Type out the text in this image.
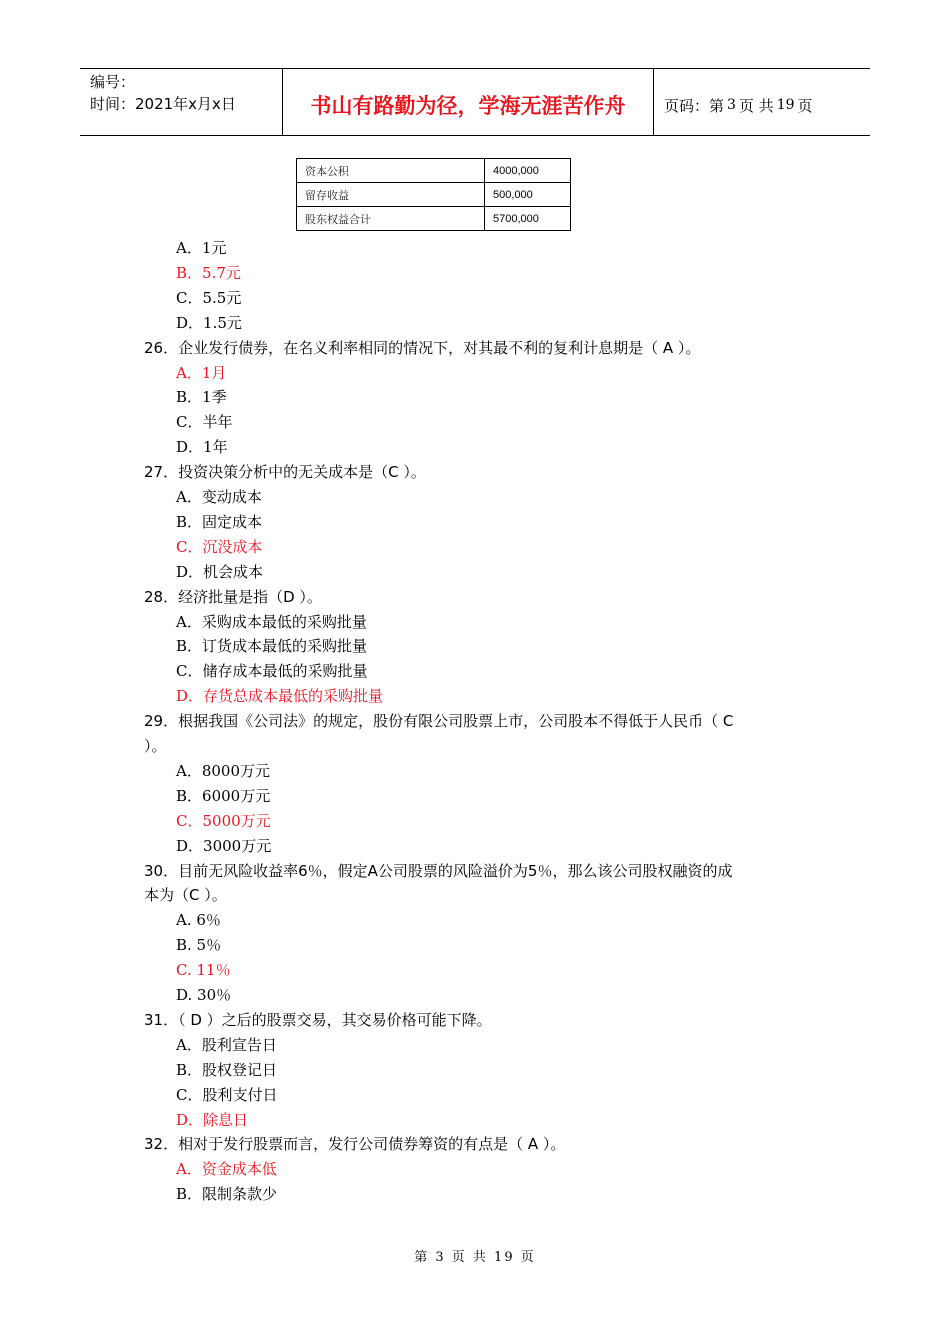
编号：
时间：2021年x月x日	书山有路勤为径，学海无涯苦作舟	页码：第 3 页 共 19 页
资本公积	4000,000
留存收益	500,000
股东权益合计	5700,000
A．1元
B．5.7元
C．5.5元
D．1.5元
26．企业发行债券，在名义利率相同的情况下，对其最不利的复利计息期是（ A ）。
A．1月
B．1季
C．半年
D．1年
27．投资决策分析中的无关成本是（C ）。
A．变动成本
B．固定成本
C．沉没成本
D．机会成本
28．经济批量是指（D ）。
A．采购成本最低的采购批量
B．订货成本最低的采购批量
C．储存成本最低的采购批量
D．存货总成本最低的采购批量
29．根据我国《公司法》的规定，股份有限公司股票上市，公司股本不得低于人民币（ C
）。
A．8000万元
B．6000万元
C．5000万元
D．3000万元
30．目前无风险收益率6％，假定A公司股票的风险溢价为5％，那么该公司股权融资的成
本为（C ）。
A. 6％
B. 5％
C. 11％
D. 30％
31．（ D ）之后的股票交易，其交易价格可能下降。
A．股利宣告日
B．股权登记日
C．股利支付日
D．除息日
32．相对于发行股票而言，发行公司债券筹资的有点是（ A ）。
A．资金成本低
B．限制条款少
第 3 页 共 19 页
